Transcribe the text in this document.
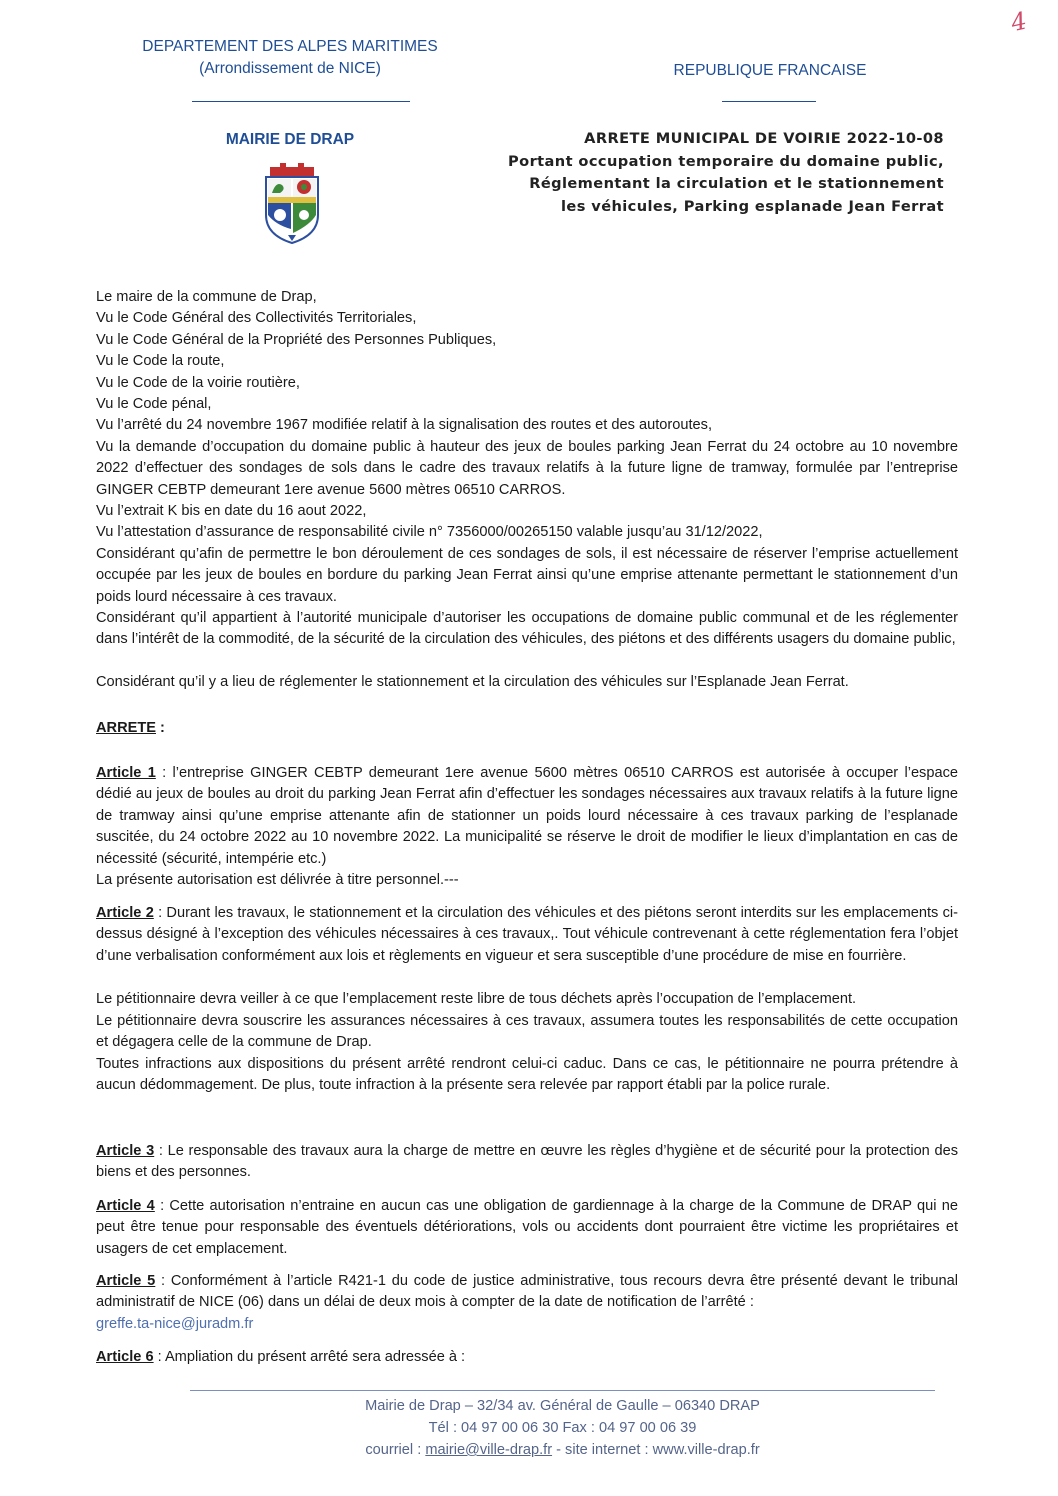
4
DEPARTEMENT DES ALPES MARITIMES
(Arrondissement de NICE)	REPUBLIQUE FRANCAISE
MAIRIE DE DRAP	ARRETE MUNICIPAL DE VOIRIE 2022-10-08
Portant occupation temporaire du domaine public,
Réglementant la circulation et le stationnement
les véhicules, Parking esplanade Jean Ferrat
Le maire de la commune de Drap,
Vu le Code Général des Collectivités Territoriales,
Vu le Code Général de la Propriété des Personnes Publiques,
Vu le Code la route,
Vu le Code de la voirie routière,
Vu le Code pénal,
Vu l’arrêté du 24 novembre 1967 modifiée relatif à la signalisation des routes et des autoroutes,
Vu la demande d’occupation du domaine public à hauteur des jeux de boules parking Jean Ferrat du 24 octobre au 10 novembre 2022 d’effectuer des sondages de sols dans le cadre des travaux relatifs à la future ligne de tramway, formulée par l’entreprise GINGER CEBTP demeurant 1ere avenue 5600 mètres 06510 CARROS.
Vu l’extrait K bis en date du 16 aout 2022,
Vu l’attestation d’assurance de responsabilité civile n° 7356000/00265150 valable jusqu’au 31/12/2022,
Considérant qu’afin de permettre le bon déroulement de ces sondages de sols, il est nécessaire de réserver l’emprise actuellement occupée par les jeux de boules en bordure du parking Jean Ferrat ainsi qu’une emprise attenante permettant le stationnement d’un poids lourd nécessaire à ces travaux.
Considérant qu’il appartient à l’autorité municipale d’autoriser les occupations de domaine public communal et de les réglementer dans l’intérêt de la commodité, de la sécurité de la circulation des véhicules, des piétons et des différents usagers du domaine public,
Considérant qu’il y a lieu de réglementer le stationnement et la circulation des véhicules sur l’Esplanade Jean Ferrat.
ARRETE :
Article 1 : l’entreprise GINGER CEBTP demeurant 1ere avenue 5600 mètres 06510 CARROS est autorisée à occuper l’espace dédié au jeux de boules au droit du parking Jean Ferrat afin d’effectuer les sondages nécessaires aux travaux relatifs à la future ligne de tramway ainsi qu’une emprise attenante afin de stationner un poids lourd nécessaire à ces travaux parking de l’esplanade suscitée, du 24 octobre 2022 au 10 novembre 2022. La municipalité se réserve le droit de modifier le lieux d’implantation en cas de nécessité (sécurité, intempérie etc.)
La présente autorisation est délivrée à titre personnel.---
Article 2 : Durant les travaux, le stationnement et la circulation des véhicules et des piétons seront interdits sur les emplacements ci-dessus désigné à l’exception des véhicules nécessaires à ces travaux,. Tout véhicule contrevenant à cette réglementation fera l’objet d’une verbalisation conformément aux lois et règlements en vigueur et sera susceptible d’une procédure de mise en fourrière.
Le pétitionnaire devra veiller à ce que l’emplacement reste libre de tous déchets après l’occupation de l’emplacement.
Le pétitionnaire devra souscrire les assurances nécessaires à ces travaux, assumera toutes les responsabilités de cette occupation et dégagera celle de la commune de Drap.
Toutes infractions aux dispositions du présent arrêté rendront celui-ci caduc. Dans ce cas, le pétitionnaire ne pourra prétendre à aucun dédommagement. De plus, toute infraction à la présente sera relevée par rapport établi par la police rurale.
Article 3 : Le responsable des travaux aura la charge de mettre en œuvre les règles d’hygiène et de sécurité pour la protection des biens et des personnes.
Article 4 : Cette autorisation n’entraine en aucun cas une obligation de gardiennage à la charge de la Commune de DRAP qui ne peut être tenue pour responsable des éventuels détériorations, vols ou accidents dont pourraient être victime les propriétaires et usagers de cet emplacement.
Article 5 : Conformément à l’article R421-1 du code de justice administrative, tous recours devra être présenté devant le tribunal administratif de NICE (06) dans un délai de deux mois à compter de la date de notification de l’arrêté :
greffe.ta-nice@juradm.fr
Article 6 : Ampliation du présent arrêté sera adressée à :
Mairie de Drap – 32/34 av. Général de Gaulle – 06340 DRAP
Tél : 04 97 00 06 30 Fax : 04 97 00 06 39
courriel : mairie@ville-drap.fr - site internet : www.ville-drap.fr
